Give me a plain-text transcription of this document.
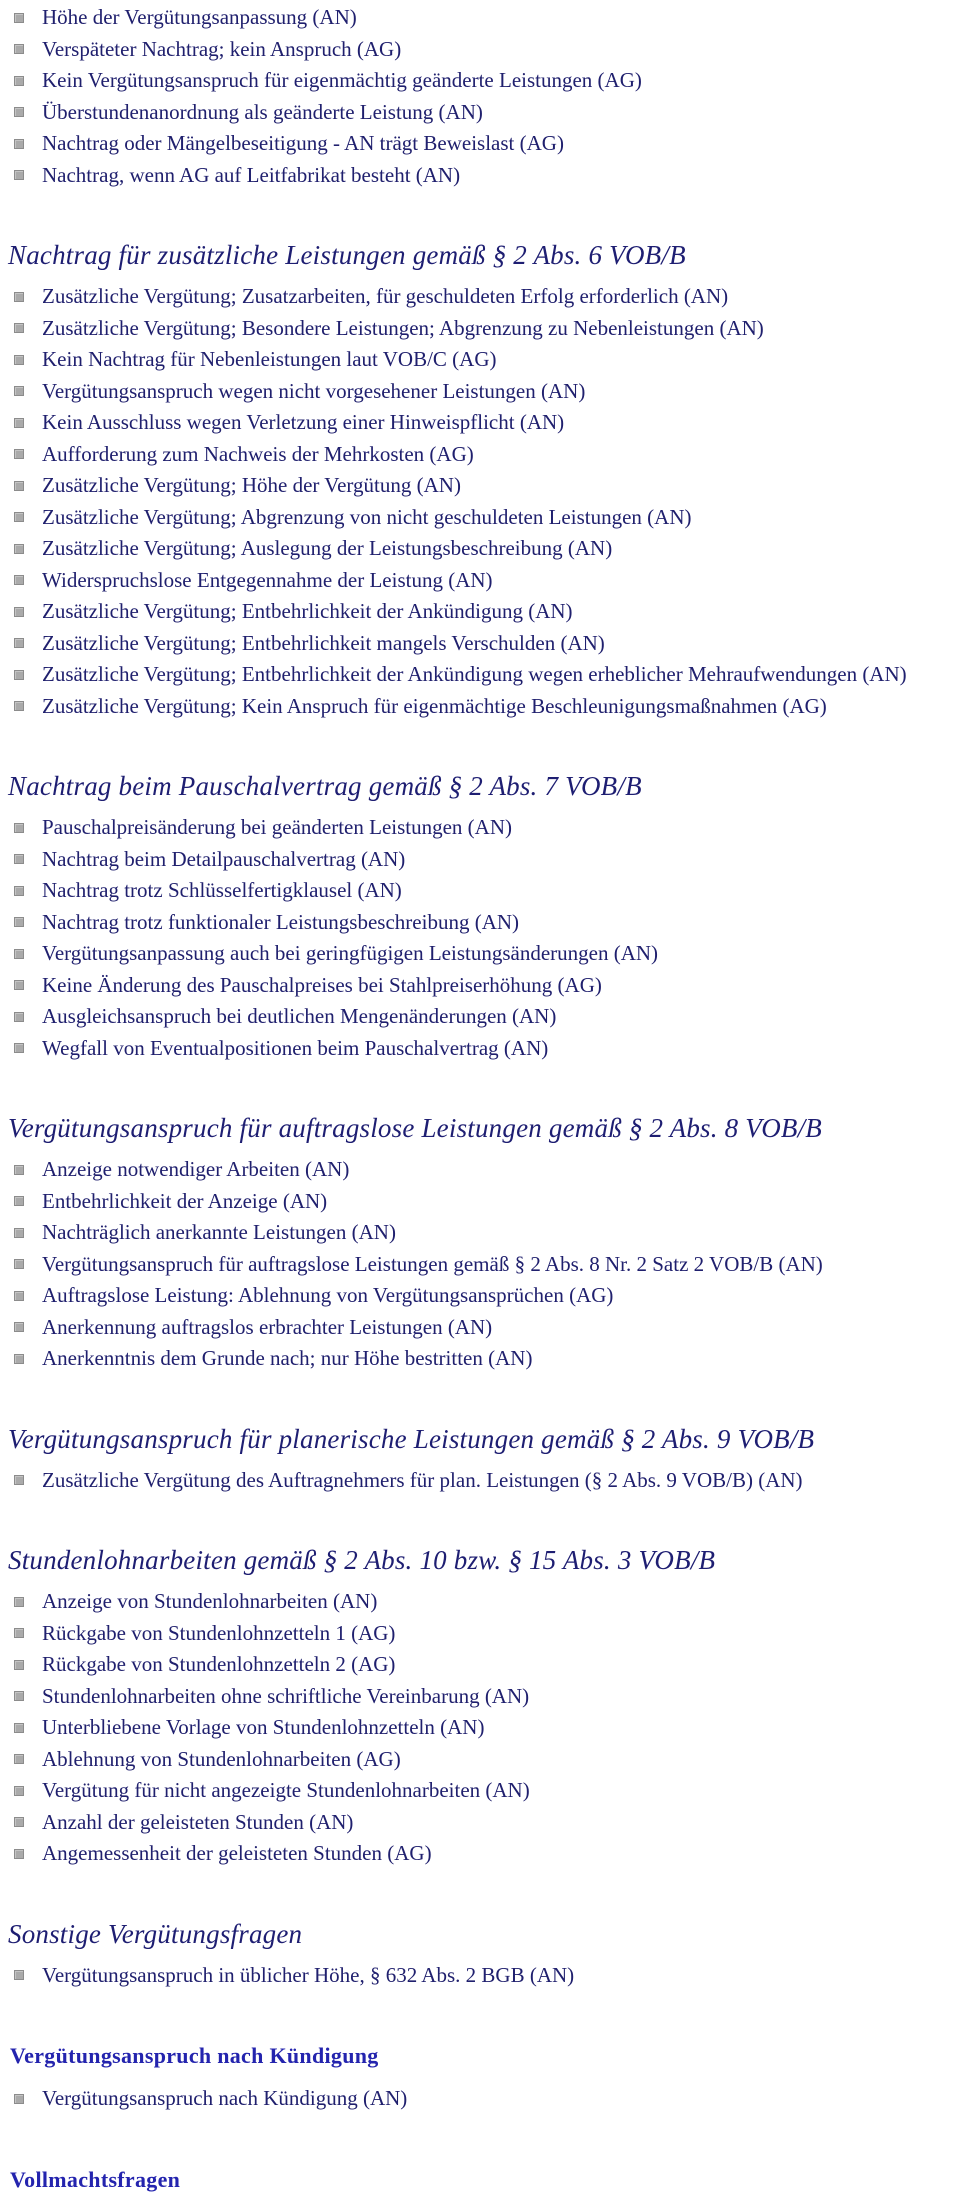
Höhe der Vergütungsanpassung (AN)
Verspäteter Nachtrag; kein Anspruch (AG)
Kein Vergütungsanspruch für eigenmächtig geänderte Leistungen (AG)
Überstundenanordnung als geänderte Leistung (AN)
Nachtrag oder Mängelbeseitigung - AN trägt Beweislast (AG)
Nachtrag, wenn AG auf Leitfabrikat besteht (AN)
Nachtrag für zusätzliche Leistungen gemäß § 2 Abs. 6 VOB/B
Zusätzliche Vergütung; Zusatzarbeiten, für geschuldeten Erfolg erforderlich (AN)
Zusätzliche Vergütung; Besondere Leistungen; Abgrenzung zu Nebenleistungen (AN)
Kein Nachtrag für Nebenleistungen laut VOB/C (AG)
Vergütungsanspruch wegen nicht vorgesehener Leistungen (AN)
Kein Ausschluss wegen Verletzung einer Hinweispflicht (AN)
Aufforderung zum Nachweis der Mehrkosten (AG)
Zusätzliche Vergütung; Höhe der Vergütung (AN)
Zusätzliche Vergütung; Abgrenzung von nicht geschuldeten Leistungen (AN)
Zusätzliche Vergütung; Auslegung der Leistungsbeschreibung (AN)
Widerspruchslose Entgegennahme der Leistung (AN)
Zusätzliche Vergütung; Entbehrlichkeit der Ankündigung (AN)
Zusätzliche Vergütung; Entbehrlichkeit mangels Verschulden (AN)
Zusätzliche Vergütung; Entbehrlichkeit der Ankündigung wegen erheblicher Mehraufwendungen (AN)
Zusätzliche Vergütung; Kein Anspruch für eigenmächtige Beschleunigungsmaßnahmen (AG)
Nachtrag beim Pauschalvertrag gemäß § 2 Abs. 7 VOB/B
Pauschalpreisänderung bei geänderten Leistungen (AN)
Nachtrag beim Detailpauschalvertrag (AN)
Nachtrag trotz Schlüsselfertigklausel (AN)
Nachtrag trotz funktionaler Leistungsbeschreibung (AN)
Vergütungsanpassung auch bei geringfügigen Leistungsänderungen (AN)
Keine Änderung des Pauschalpreises bei Stahlpreiserhöhung (AG)
Ausgleichsanspruch bei deutlichen Mengenänderungen (AN)
Wegfall von Eventualpositionen beim Pauschalvertrag (AN)
Vergütungsanspruch für auftragslose Leistungen gemäß § 2 Abs. 8 VOB/B
Anzeige notwendiger Arbeiten (AN)
Entbehrlichkeit der Anzeige (AN)
Nachträglich anerkannte Leistungen (AN)
Vergütungsanspruch für auftragslose Leistungen gemäß § 2 Abs. 8 Nr. 2 Satz 2 VOB/B (AN)
Auftragslose Leistung: Ablehnung von Vergütungsansprüchen (AG)
Anerkennung auftragslos erbrachter Leistungen (AN)
Anerkenntnis dem Grunde nach; nur Höhe bestritten (AN)
Vergütungsanspruch für planerische Leistungen gemäß § 2 Abs. 9 VOB/B
Zusätzliche Vergütung des Auftragnehmers für plan. Leistungen (§ 2 Abs. 9 VOB/B) (AN)
Stundenlohnarbeiten gemäß § 2 Abs. 10 bzw. § 15 Abs. 3 VOB/B
Anzeige von Stundenlohnarbeiten (AN)
Rückgabe von Stundenlohnzetteln 1 (AG)
Rückgabe von Stundenlohnzetteln 2 (AG)
Stundenlohnarbeiten ohne schriftliche Vereinbarung (AN)
Unterbliebene Vorlage von Stundenlohnzetteln (AN)
Ablehnung von Stundenlohnarbeiten (AG)
Vergütung für nicht angezeigte Stundenlohnarbeiten (AN)
Anzahl der geleisteten Stunden (AN)
Angemessenheit der geleisteten Stunden (AG)
Sonstige Vergütungsfragen
Vergütungsanspruch in üblicher Höhe, § 632 Abs. 2 BGB (AN)
Vergütungsanspruch nach Kündigung
Vergütungsanspruch nach Kündigung (AN)
Vollmachtsfragen
